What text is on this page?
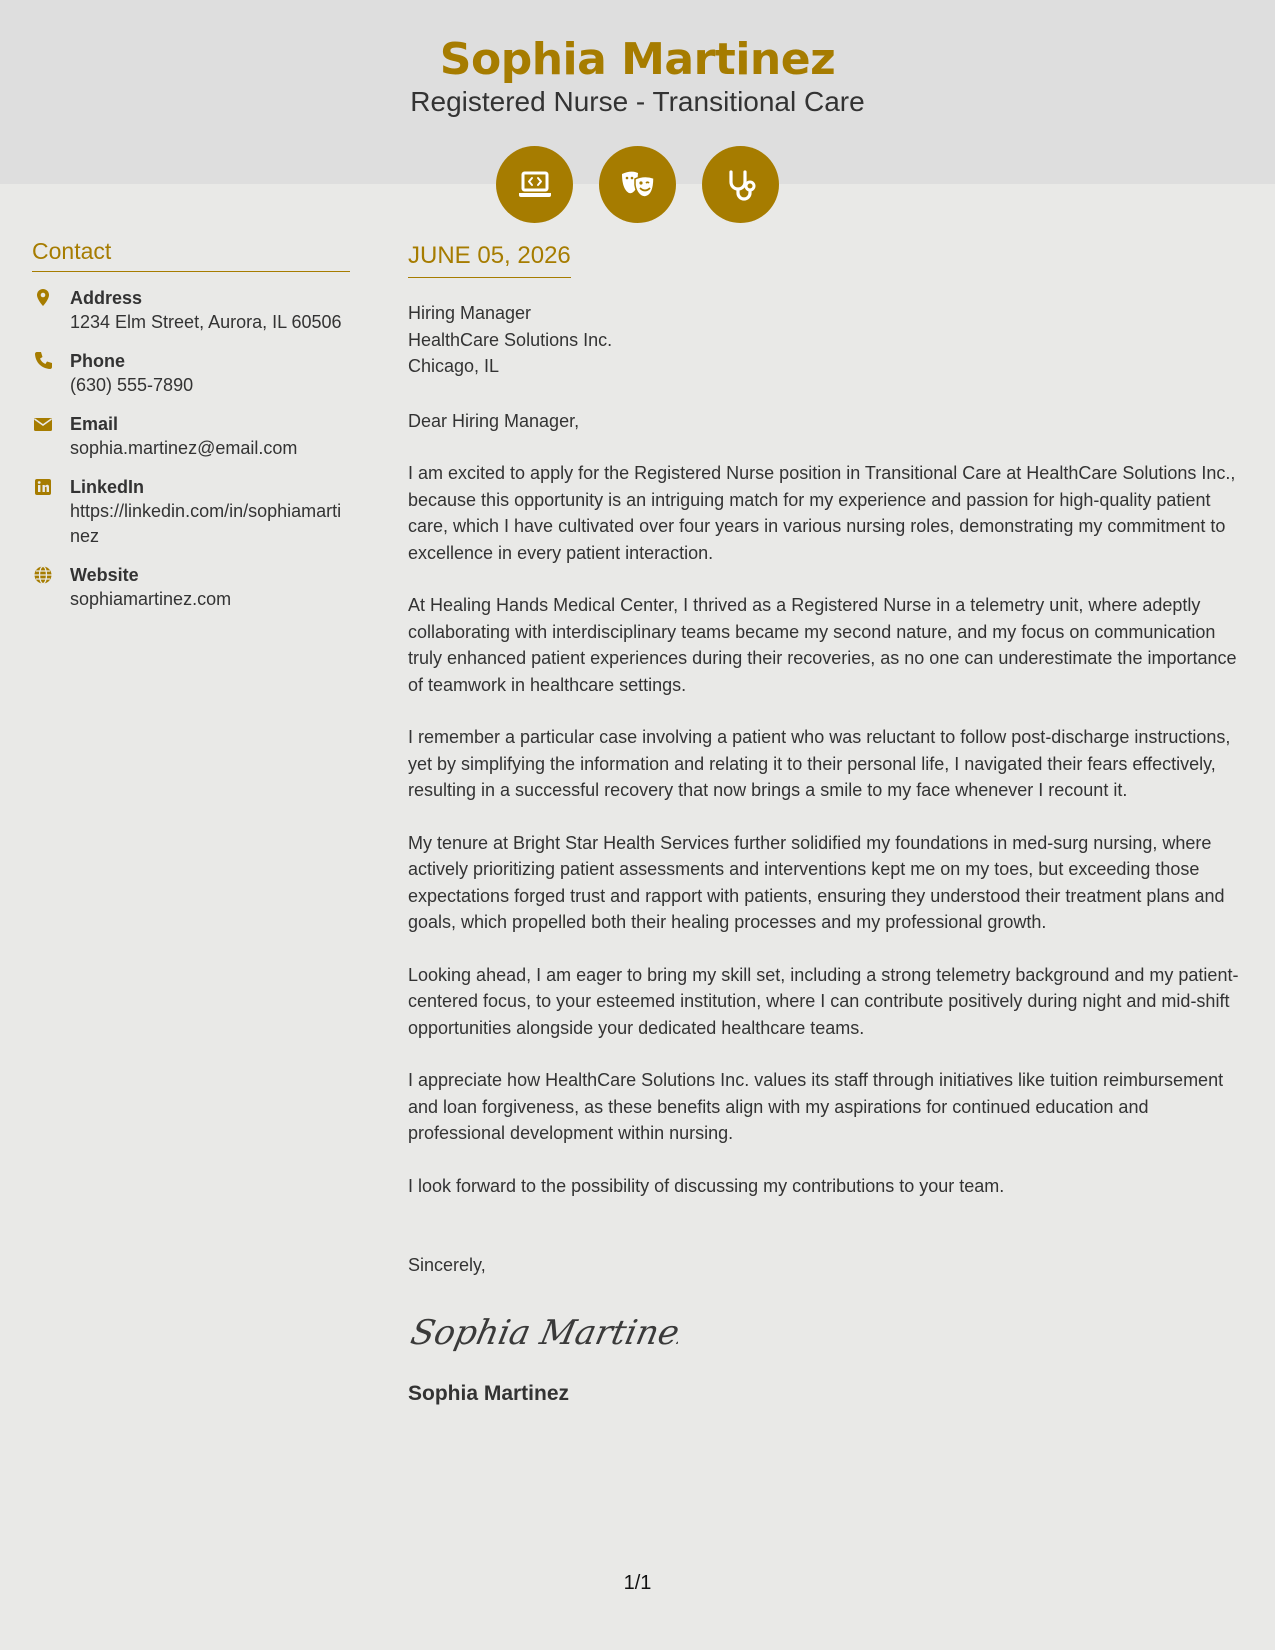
Sophia Martinez
Registered Nurse - Transitional Care
Contact
Address
1234 Elm Street, Aurora, IL 60506
Phone
(630) 555-7890
Email
sophia.martinez@email.com
LinkedIn
https://linkedin.com/in/sophiamartinez
Website
sophiamartinez.com
JUNE 05, 2026
Hiring Manager
HealthCare Solutions Inc.
Chicago, IL
Dear Hiring Manager,
I am excited to apply for the Registered Nurse position in Transitional Care at HealthCare Solutions Inc., because this opportunity is an intriguing match for my experience and passion for high-quality patient care, which I have cultivated over four years in various nursing roles, demonstrating my commitment to excellence in every patient interaction.
At Healing Hands Medical Center, I thrived as a Registered Nurse in a telemetry unit, where adeptly collaborating with interdisciplinary teams became my second nature, and my focus on communication truly enhanced patient experiences during their recoveries, as no one can underestimate the importance of teamwork in healthcare settings.
I remember a particular case involving a patient who was reluctant to follow post-discharge instructions, yet by simplifying the information and relating it to their personal life, I navigated their fears effectively, resulting in a successful recovery that now brings a smile to my face whenever I recount it.
My tenure at Bright Star Health Services further solidified my foundations in med-surg nursing, where actively prioritizing patient assessments and interventions kept me on my toes, but exceeding those expectations forged trust and rapport with patients, ensuring they understood their treatment plans and goals, which propelled both their healing processes and my professional growth.
Looking ahead, I am eager to bring my skill set, including a strong telemetry background and my patient-centered focus, to your esteemed institution, where I can contribute positively during night and mid-shift opportunities alongside your dedicated healthcare teams.
I appreciate how HealthCare Solutions Inc. values its staff through initiatives like tuition reimbursement and loan forgiveness, as these benefits align with my aspirations for continued education and professional development within nursing.
I look forward to the possibility of discussing my contributions to your team.
Sincerely,
Sophia Martinez
Sophia Martinez
1/1
